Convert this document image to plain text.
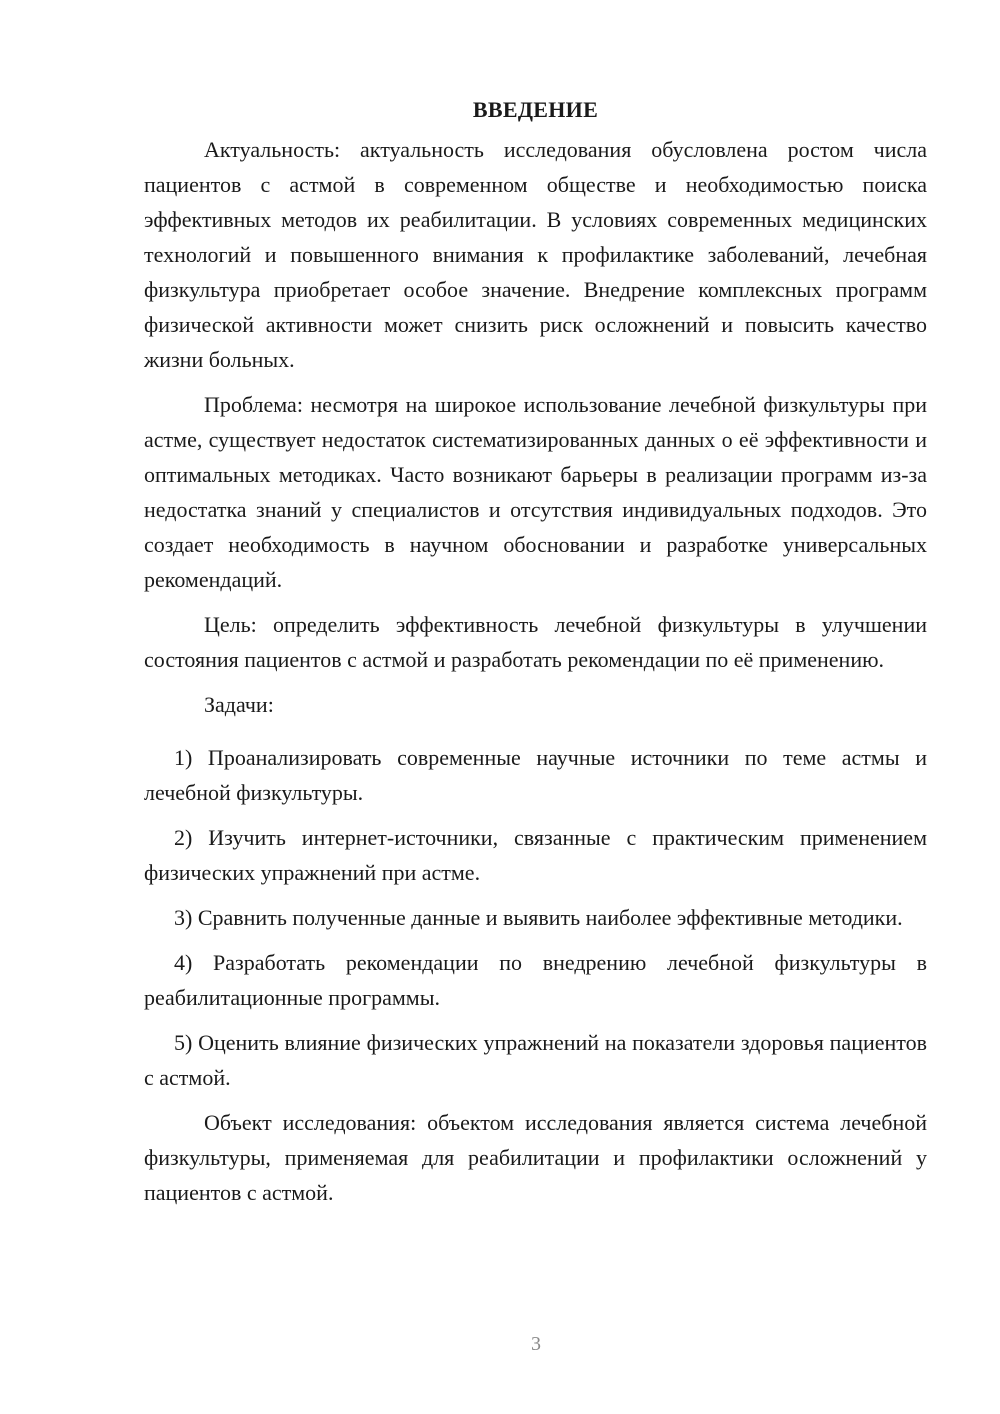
ВВЕДЕНИЕ

Актуальность: актуальность исследования обусловлена ростом числа пациентов с астмой в современном обществе и необходимостью поиска эффективных методов их реабилитации. В условиях современных медицинских технологий и повышенного внимания к профилактике заболеваний, лечебная физкультура приобретает особое значение. Внедрение комплексных программ физической активности может снизить риск осложнений и повысить качество жизни больных.

Проблема: несмотря на широкое использование лечебной физкультуры при астме, существует недостаток систематизированных данных о её эффективности и оптимальных методиках. Часто возникают барьеры в реализации программ из-за недостатка знаний у специалистов и отсутствия индивидуальных подходов. Это создает необходимость в научном обосновании и разработке универсальных рекомендаций.

Цель: определить эффективность лечебной физкультуры в улучшении состояния пациентов с астмой и разработать рекомендации по её применению.

Задачи:

1) Проанализировать современные научные источники по теме астмы и лечебной физкультуры.

2) Изучить интернет-источники, связанные с практическим применением физических упражнений при астме.

3) Сравнить полученные данные и выявить наиболее эффективные методики.

4) Разработать рекомендации по внедрению лечебной физкультуры в реабилитационные программы.

5) Оценить влияние физических упражнений на показатели здоровья пациентов с астмой.

Объект исследования: объектом исследования является система лечебной физкультуры, применяемая для реабилитации и профилактики осложнений у пациентов с астмой.

3
